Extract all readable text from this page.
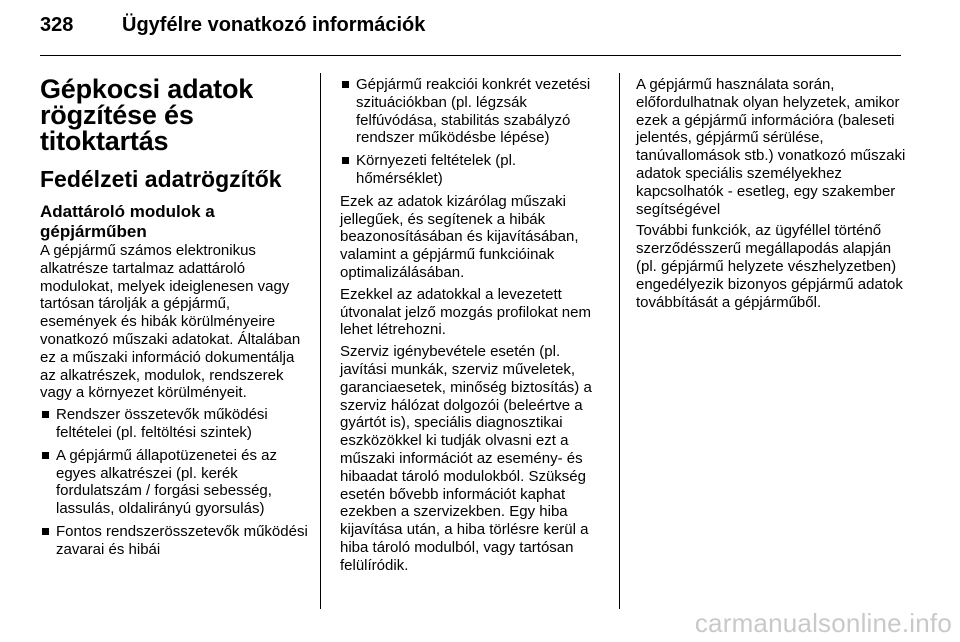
328 Ügyfélre vonatkozó információk
Gépkocsi adatok
rögzítése és titoktartás
Fedélzeti adatrögzítők
Adattároló modulok a
gépjárműben

A gépjármű számos elektronikus alkatrésze tartalmaz adattároló modulokat, melyek ideiglenesen vagy tartósan tárolják a gépjármű, események és hibák körülményeire vonatkozó műszaki adatokat. Általában ez a műszaki információ dokumentálja az alkatrészek, modulok, rendszerek vagy a környezet körülményeit.

Rendszer összetevők működési feltételei (pl. feltöltési szintek)
A gépjármű állapotüzenetei és az egyes alkatrészei (pl. kerék fordulatszám / forgási sebesség, lassulás, oldalirányú gyorsulás)
Fontos rendszerösszetevők működési zavarai és hibái
Gépjármű reakciói konkrét vezetési szituációkban (pl. légzsák felfúvódása, stabilitás szabályzó rendszer működésbe lépése)
Környezeti feltételek (pl. hőmérséklet)

Ezek az adatok kizárólag műszaki jellegűek, és segítenek a hibák beazonosításában és kijavításában, valamint a gépjármű funkcióinak optimalizálásában.

Ezekkel az adatokkal a levezetett útvonalat jelző mozgás profilokat nem lehet létrehozni.

Szerviz igénybevétele esetén (pl. javítási munkák, szerviz műveletek, garanciaesetek, minőség biztosítás) a szerviz hálózat dolgozói (beleértve a gyártót is), speciális diagnosztikai eszközökkel ki tudják olvasni ezt a műszaki információt az esemény- és hibaadat tároló modulokból. Szükség esetén bővebb információt kaphat ezekben a szervizekben. Egy hiba kijavítása után, a hiba törlésre kerül a hiba tároló modulból, vagy tartósan felülíródik.

A gépjármű használata során, előfordulhatnak olyan helyzetek, amikor ezek a gépjármű információra (baleseti jelentés, gépjármű sérülése, tanúvallomások stb.) vonatkozó műszaki adatok speciális személyekhez kapcsolhatók - esetleg, egy szakember segítségével

További funkciók, az ügyféllel történő szerződésszerű megállapodás alapján (pl. gépjármű helyzete vészhelyzetben) engedélyezik bizonyos gépjármű adatok továbbítását a gépjárműből.

carmanualsonline.info
